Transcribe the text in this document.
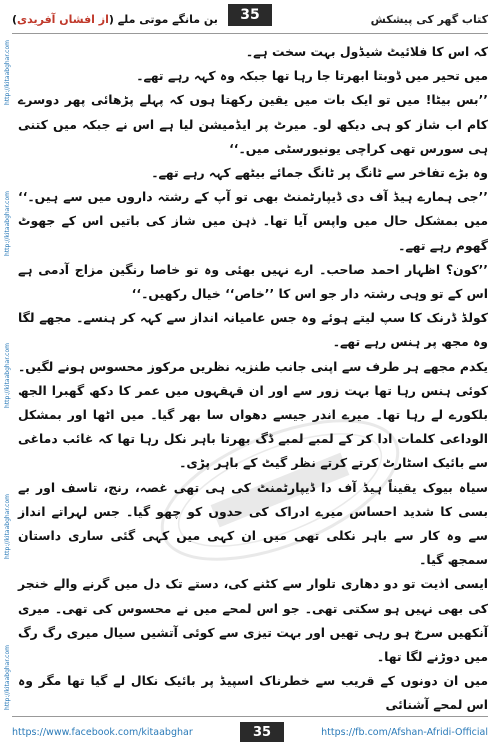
بن مانگے موتی ملے (از افشاں آفریدی)	کتاب گھر کی پیشکش
35
http://kitaabghar.com
http://kitaabghar.com
http://kitaabghar.com
http://kitaabghar.com
http://kitaabghar.com

کہ اس کا فلائیٹ شیڈول بہت سخت ہے۔

میں تحیر میں ڈوبتا ابھرتا جا رہا تھا جبکہ وہ کہہ رہے تھے۔

’’بس بیٹا! میں تو ایک بات میں یقین رکھتا ہوں کہ پہلے پڑھائی پھر دوسرے کام اب شاز کو ہی دیکھ لو۔ میرٹ پر ایڈمیشن لیا ہے اس نے جبکہ میں کتنی ہی سورس تھی کراچی یونیورسٹی میں۔‘‘

وہ بڑے تفاخر سے ٹانگ پر ٹانگ جمائے بیٹھے کہہ رہے تھے۔

’’جی ہمارے ہیڈ آف دی ڈیپارٹمنٹ بھی تو آپ کے رشتہ داروں میں سے ہیں۔‘‘ میں بمشکل حال میں واپس آیا تھا۔ ذہن میں شاز کی باتیں اس کے جھوٹ گھوم رہے تھے۔

’’کون؟ اظہار احمد صاحب۔ ارے نہیں بھئی وہ تو خاصا رنگین مزاج آدمی ہے اس کے تو وہی رشتہ دار جو اس کا ’’خاص‘‘ خیال رکھیں۔‘‘

کولڈ ڈرنک کا سپ لیتے ہوئے وہ جس عامیانہ انداز سے کہہ کر ہنسے۔ مجھے لگا وہ مجھ پر ہنس رہے تھے۔

یکدم مجھے ہر طرف سے اپنی جانب طنزیہ نظریں مرکوز محسوس ہونے لگیں۔ کوئی ہنس رہا تھا بہت زور سے اور ان قہقہوں میں عمر کا دکھ گھبرا الجھ بلکورے لے رہا تھا۔ میرے اندر جیسے دھواں سا بھر گیا۔ میں اٹھا اور بمشکل الوداعی کلمات ادا کر کے لمبے لمبے ڈگ بھرتا باہر نکل رہا تھا کہ غائب دماغی سے بائیک اسٹارٹ کرتے کرتے نظر گیٹ کے باہر پڑی۔

سیاہ بیوک یقیناً ہیڈ آف دا ڈیپارٹمنٹ کی ہی تھی غصہ، رنج، تاسف اور بے بسی کا شدید احساس میرے ادراک کی حدوں کو چھو گیا۔ جس لہراتے انداز سے وہ کار سے باہر نکلی تھی میں ان کہی میں کہی گئی ساری داستان سمجھ گیا۔

ایسی اذیت تو دو دھاری تلوار سے کٹنے کی، دستے تک دل میں گرنے والے خنجر کی بھی نہیں ہو سکتی تھی۔ جو اس لمحے میں نے محسوس کی تھی۔ میری آنکھیں سرخ ہو رہی تھیں اور بہت تیزی سے کوئی آتشیں سیال میری رگ رگ میں دوڑنے لگا تھا۔

میں ان دونوں کے قریب سے خطرناک اسپیڈ پر بائیک نکال لے گیا تھا مگر وہ اس لمحے آشنائی

https://www.facebook.com/kitaabghar	https://fb.com/Afshan-Afridi-Official
35
